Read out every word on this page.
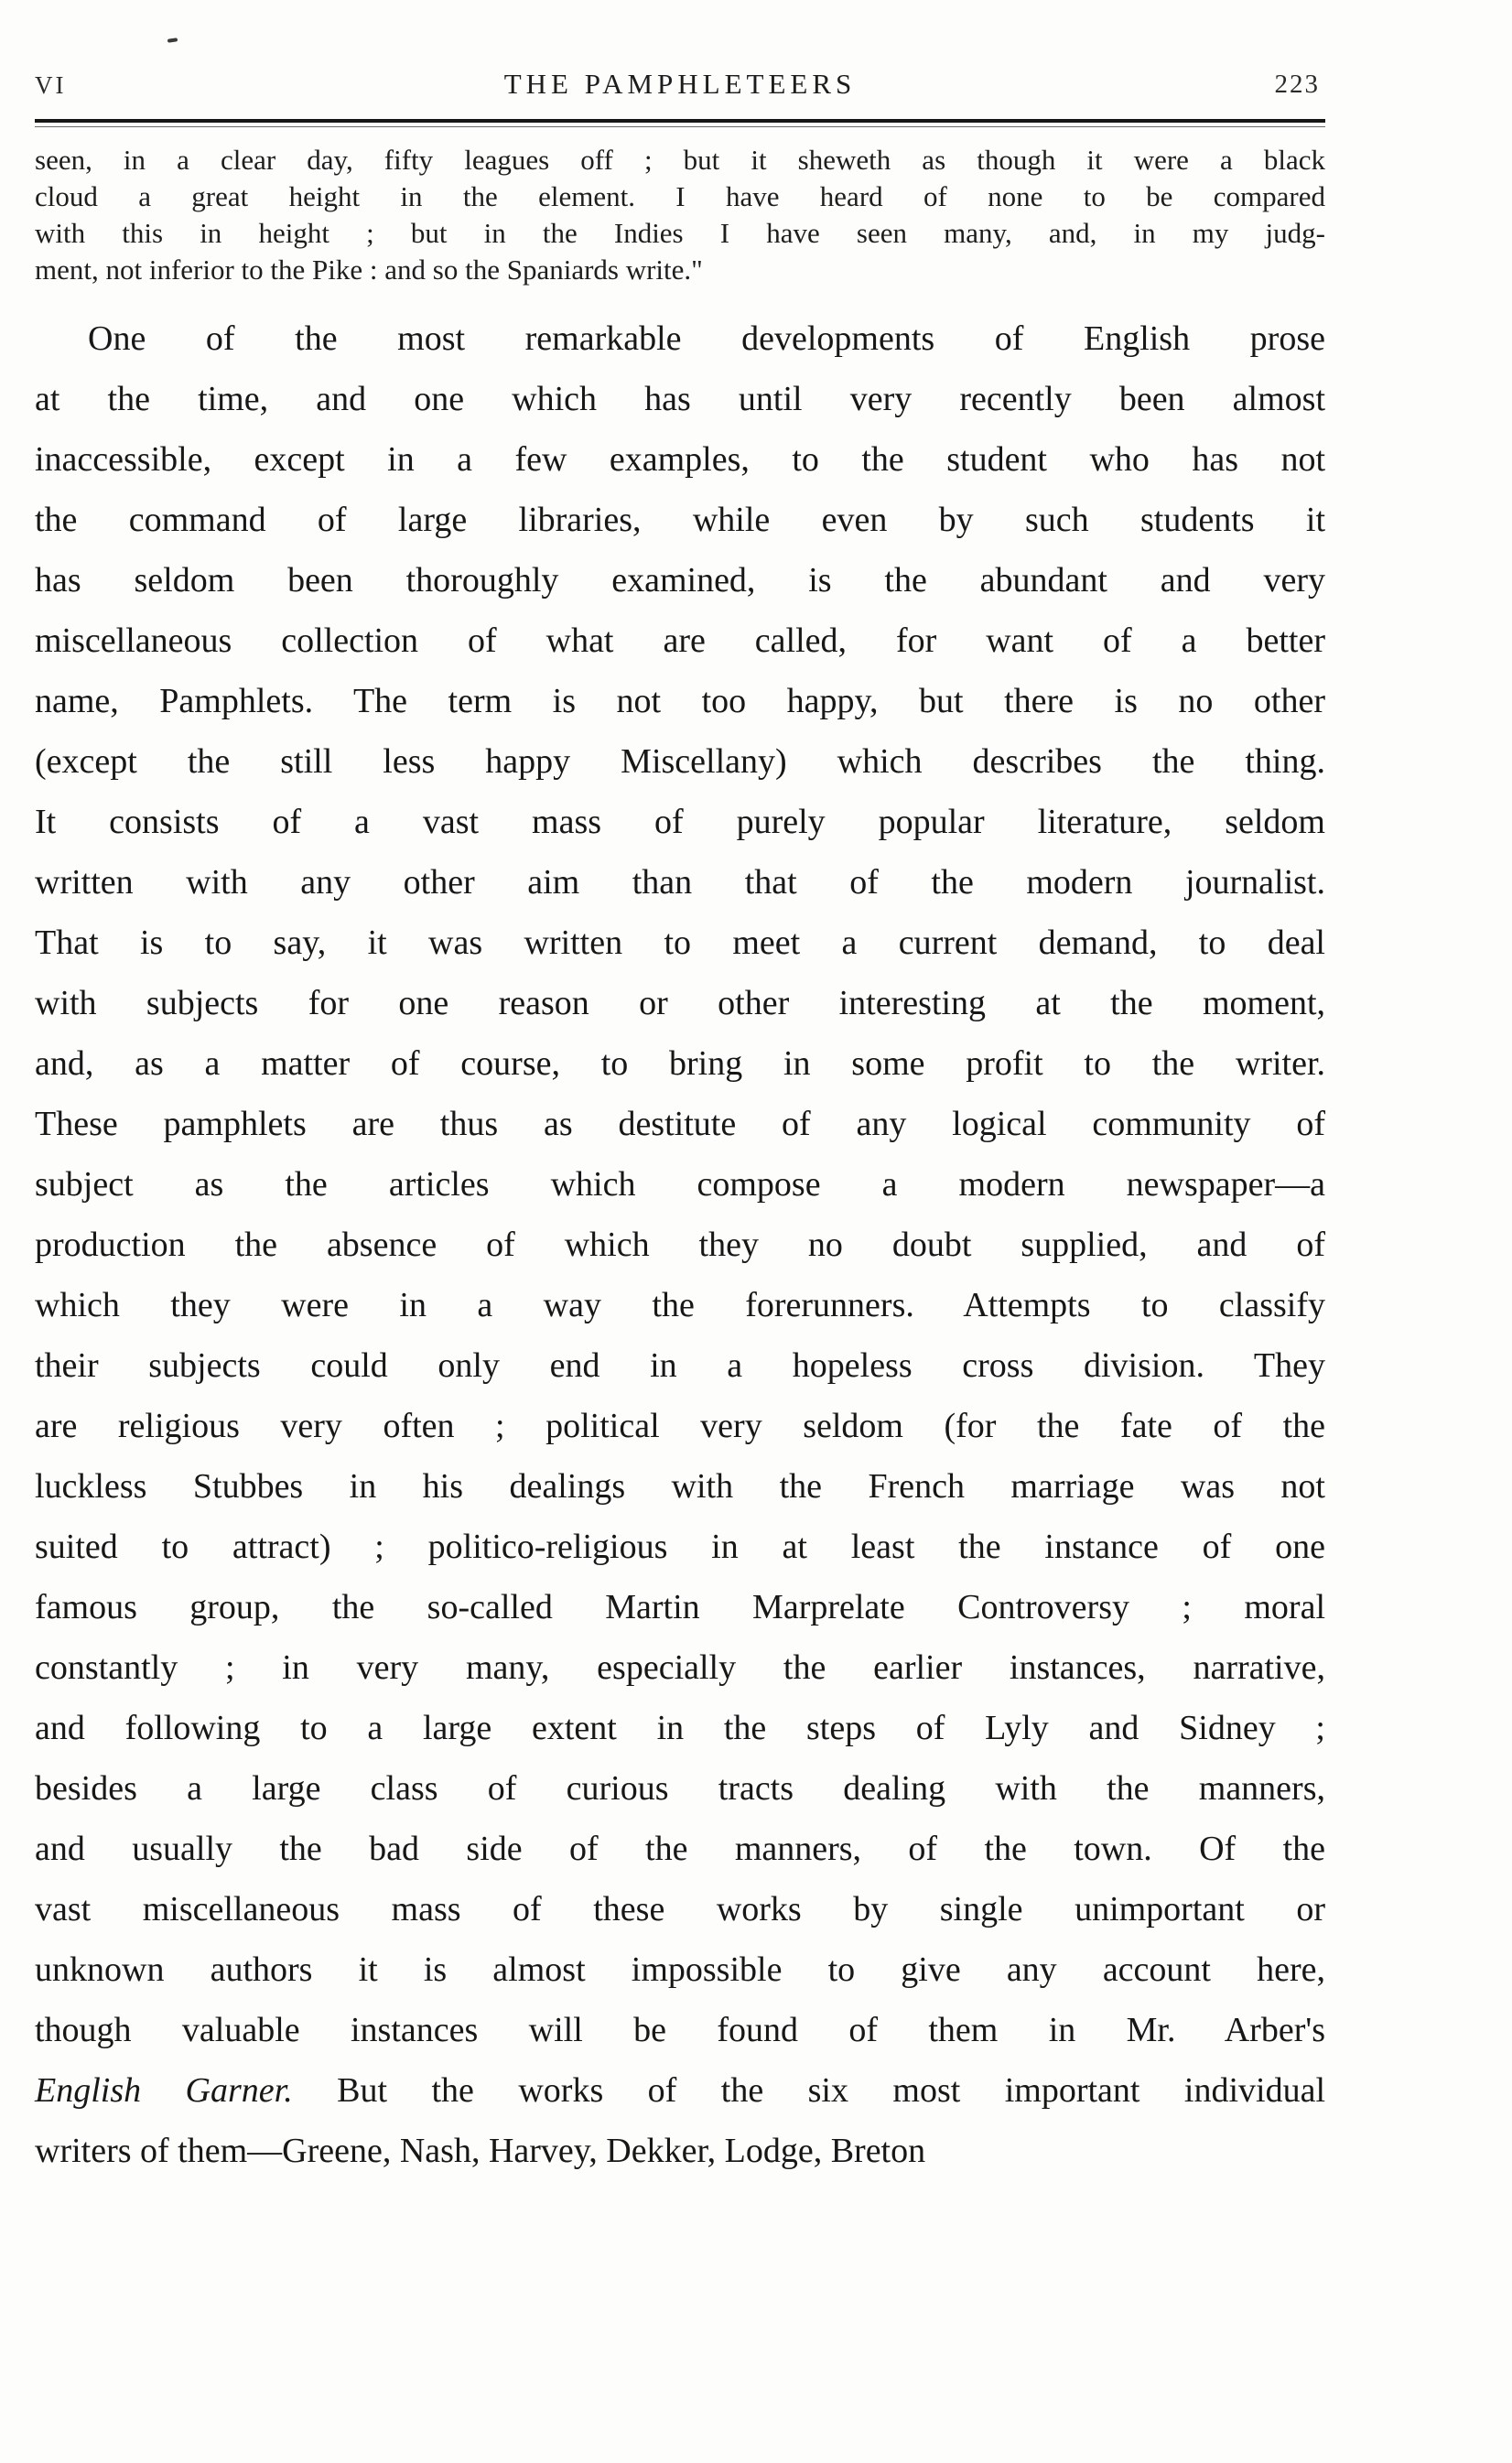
VI	THE PAMPHLETEERS	223
seen, in a clear day, fifty leagues off ; but it sheweth as though it were a black
cloud a great height in the element. I have heard of none to be compared
with this in height ; but in the Indies I have seen many, and, in my judg-
ment, not inferior to the Pike : and so the Spaniards write."
One of the most remarkable developments of English prose
at the time, and one which has until very recently been almost
inaccessible, except in a few examples, to the student who has not
the command of large libraries, while even by such students it
has seldom been thoroughly examined, is the abundant and very
miscellaneous collection of what are called, for want of a better
name, Pamphlets. The term is not too happy, but there is no other
(except the still less happy Miscellany) which describes the thing.
It consists of a vast mass of purely popular literature, seldom
written with any other aim than that of the modern journalist.
That is to say, it was written to meet a current demand, to deal
with subjects for one reason or other interesting at the moment,
and, as a matter of course, to bring in some profit to the writer.
These pamphlets are thus as destitute of any logical community of
subject as the articles which compose a modern newspaper—a
production the absence of which they no doubt supplied, and of
which they were in a way the forerunners. Attempts to classify
their subjects could only end in a hopeless cross division. They
are religious very often ; political very seldom (for the fate of the
luckless Stubbes in his dealings with the French marriage was not
suited to attract) ; politico-religious in at least the instance of one
famous group, the so-called Martin Marprelate Controversy ; moral
constantly ; in very many, especially the earlier instances, narrative,
and following to a large extent in the steps of Lyly and Sidney ;
besides a large class of curious tracts dealing with the manners,
and usually the bad side of the manners, of the town. Of the
vast miscellaneous mass of these works by single unimportant or
unknown authors it is almost impossible to give any account here,
though valuable instances will be found of them in Mr. Arber's
English Garner. But the works of the six most important individual
writers of them—Greene, Nash, Harvey, Dekker, Lodge, Breton
